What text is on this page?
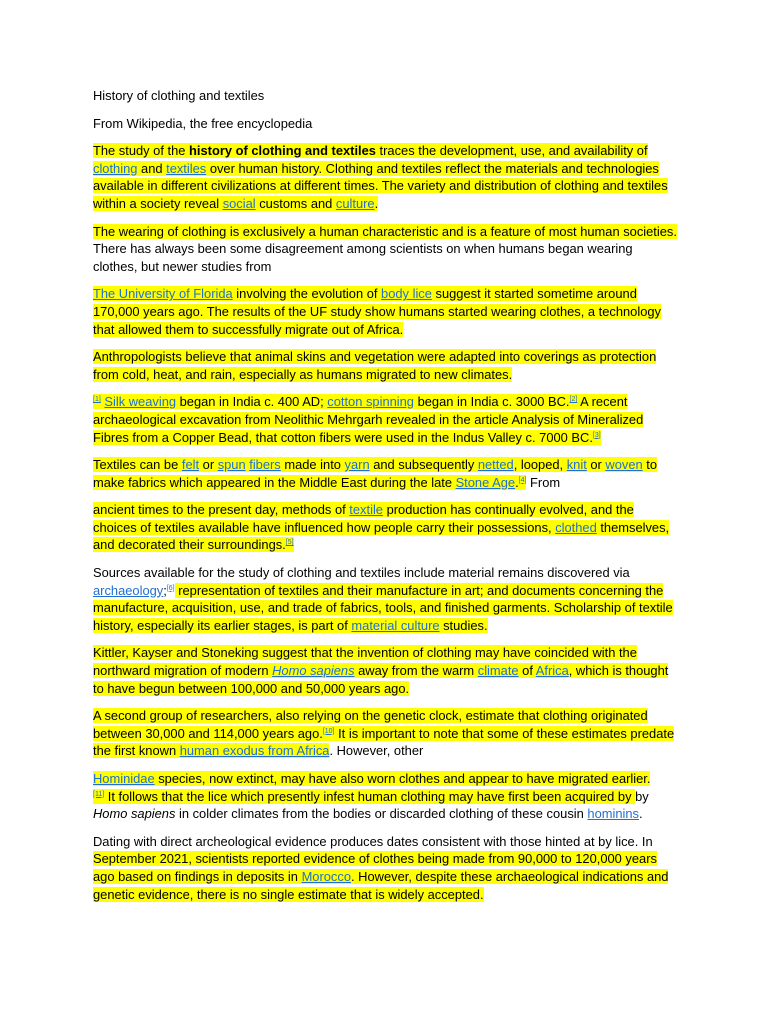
History of clothing and textiles

From Wikipedia, the free encyclopedia

The study of the history of clothing and textiles traces the development, use, and availability of clothing and textiles over human history. Clothing and textiles reflect the materials and technologies available in different civilizations at different times. The variety and distribution of clothing and textiles within a society reveal social customs and culture.

The wearing of clothing is exclusively a human characteristic and is a feature of most human societies. There has always been some disagreement among scientists on when humans began wearing clothes, but newer studies from

The University of Florida involving the evolution of body lice suggest it started sometime around 170,000 years ago. The results of the UF study show humans started wearing clothes, a technology that allowed them to successfully migrate out of Africa.

Anthropologists believe that animal skins and vegetation were adapted into coverings as protection from cold, heat, and rain, especially as humans migrated to new climates.

[1] Silk weaving began in India c. 400 AD; cotton spinning began in India c. 3000 BC.[2] A recent archaeological excavation from Neolithic Mehrgarh revealed in the article Analysis of Mineralized Fibres from a Copper Bead, that cotton fibers were used in the Indus Valley c. 7000 BC.[3]

Textiles can be felt or spun fibers made into yarn and subsequently netted, looped, knit or woven to make fabrics which appeared in the Middle East during the late Stone Age.[4] From

ancient times to the present day, methods of textile production has continually evolved, and the choices of textiles available have influenced how people carry their possessions, clothed themselves, and decorated their surroundings.[5]

Sources available for the study of clothing and textiles include material remains discovered via archaeology;[6] representation of textiles and their manufacture in art; and documents concerning the manufacture, acquisition, use, and trade of fabrics, tools, and finished garments. Scholarship of textile history, especially its earlier stages, is part of material culture studies.

Kittler, Kayser and Stoneking suggest that the invention of clothing may have coincided with the northward migration of modern Homo sapiens away from the warm climate of Africa, which is thought to have begun between 100,000 and 50,000 years ago.

A second group of researchers, also relying on the genetic clock, estimate that clothing originated between 30,000 and 114,000 years ago.[10] It is important to note that some of these estimates predate the first known human exodus from Africa. However, other

Hominidae species, now extinct, may have also worn clothes and appear to have migrated earlier.
[11] It follows that the lice which presently infest human clothing may have first been acquired by by Homo sapiens in colder climates from the bodies or discarded clothing of these cousin hominins.

Dating with direct archeological evidence produces dates consistent with those hinted at by lice. In September 2021, scientists reported evidence of clothes being made from 90,000 to 120,000 years ago based on findings in deposits in Morocco. However, despite these archaeological indications and genetic evidence, there is no single estimate that is widely accepted.
